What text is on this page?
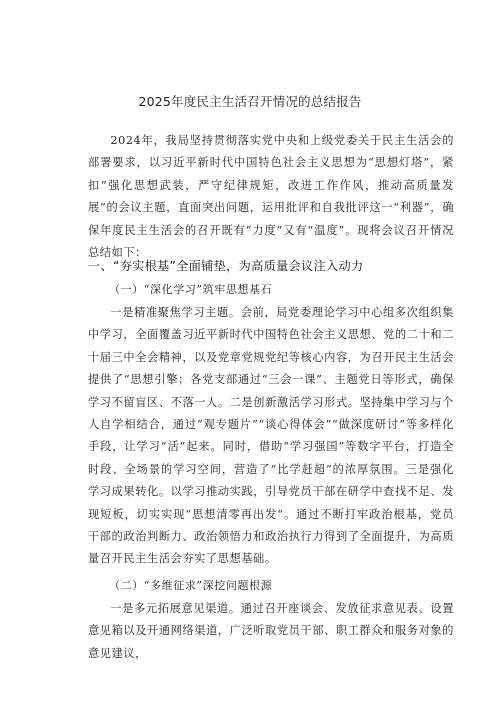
2025年度民主生活召开情况的总结报告

2024年，我局坚持贯彻落实党中央和上级党委关于民主生活会的部署要求，以习近平新时代中国特色社会主义思想为“思想灯塔”，紧扣“强化思想武装，严守纪律规矩，改进工作作风，推动高质量发展”的会议主题，直面突出问题，运用批评和自我批评这一“利器”，确保年度民主生活会的召开既有“力度”又有“温度”。现将会议召开情况总结如下：

一、“夯实根基”全面铺垫，为高质量会议注入动力
（一）“深化学习”筑牢思想基石

一是精准聚焦学习主题。会前，局党委理论学习中心组多次组织集中学习，全面覆盖习近平新时代中国特色社会主义思想、党的二十和二十届三中全会精神，以及党章党规党纪等核心内容，为召开民主生活会提供了“思想引擎；各党支部通过“三会一课”、主题党日等形式，确保学习不留盲区、不落一人。二是创新激活学习形式。坚持集中学习与个人自学相结合，通过“观专题片”“谈心得体会”“做深度研讨”等多样化手段，让学习“活”起来。同时，借助“学习强国”等数字平台，打造全时段、全场景的学习空间，营造了“比学赶超”的浓厚氛围。三是强化学习成果转化。以学习推动实践，引导党员干部在研学中查找不足、发现短板，切实实现“思想清零再出发“。通过不断打牢政治根基，党员干部的政治判断力、政治领悟力和政治执行力得到了全面提升，为高质量召开民主生活会夯实了思想基础。

（二）“多维征求”深挖问题根源

一是多元拓展意见渠道。通过召开座谈会、发放征求意见表、设置意见箱以及开通网络渠道，广泛听取党员干部、职工群众和服务对象的意见建议，
